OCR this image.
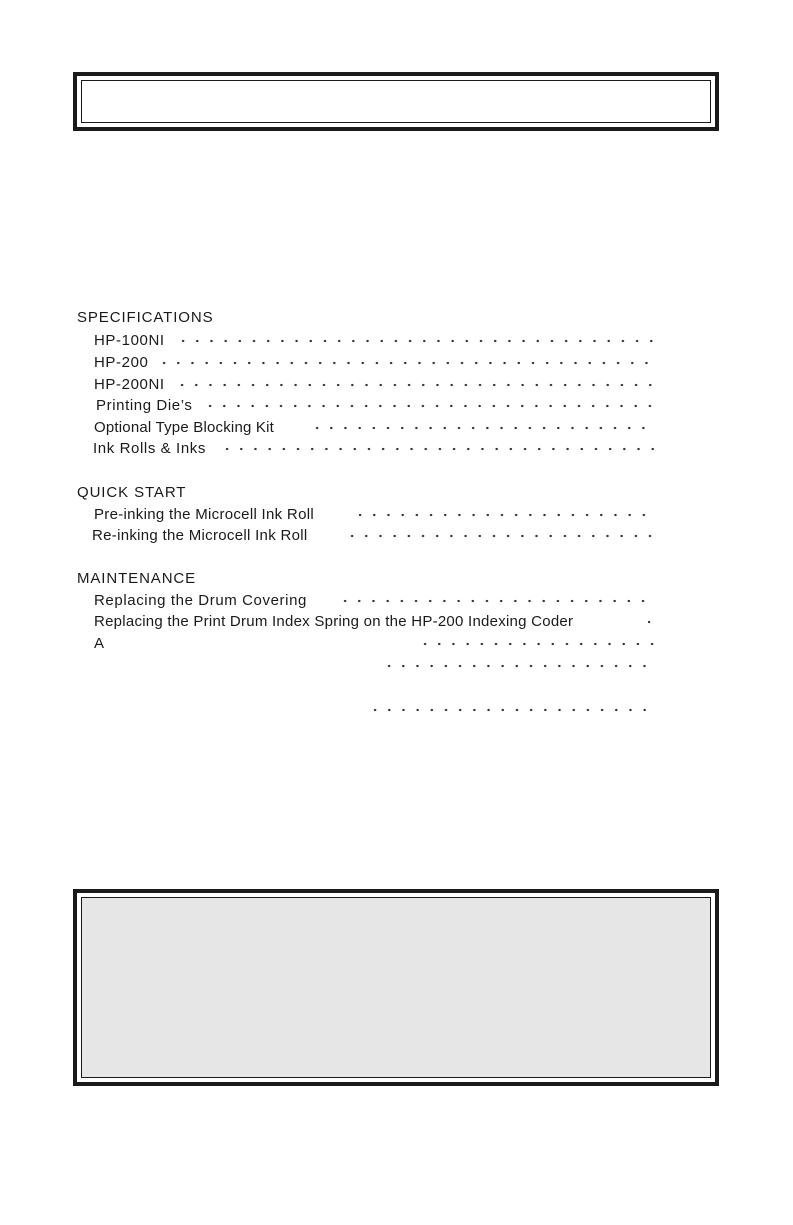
SPECIFICATIONS
HP-100NI
HP-200
HP-200NI
Printing Die’s
Optional Type Blocking Kit
Ink Rolls & Inks
QUICK START
Pre-inking the Microcell Ink Roll
Re-inking the Microcell Ink Roll
MAINTENANCE
Replacing the Drum Covering
Replacing the Print Drum Index Spring on the HP-200 Indexing Coder
A
